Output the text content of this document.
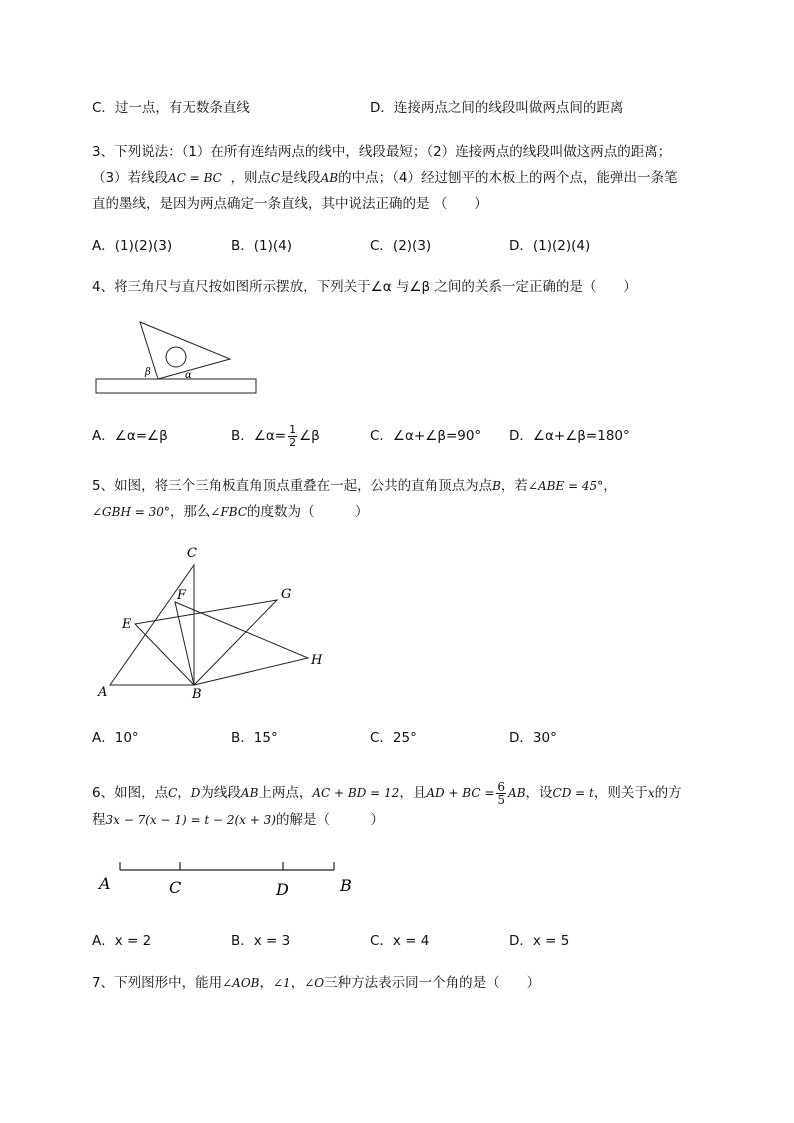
C．过一点，有无数条直线	D．连接两点之间的线段叫做两点间的距离
3、下列说法：（1）在所有连结两点的线中，线段最短；（2）连接两点的线段叫做这两点的距离；
（3）若线段AC = BC ，则点C是线段AB的中点；（4）经过刨平的木板上的两个点，能弹出一条笔
直的墨线，是因为两点确定一条直线，其中说法正确的是 （　　）
A．(1)(2)(3)	B．(1)(4)	C．(2)(3)	D．(1)(2)(4)
4、将三角尺与直尺按如图所示摆放，下列关于∠α 与∠β 之间的关系一定正确的是（　　）
β	α
A．∠α=∠β	B．∠α= $\frac{1}{2}$ ∠β	C．∠α+∠β=90° D．∠α+∠β=180°
5、如图，将三个三角板直角顶点重叠在一起，公共的直角顶点为点B，若∠ABE = 45°，
∠GBH = 30°，那么∠FBC的度数为（　　　）
A	B
C
E
F	G
H
A．10°	B．15°	C．25°	D．30°
6、如图，点C，D为线段AB上两点，AC + BD = 12，且AD + BC = $\frac{6}{5}$ AB，设CD = t，则关于x的方
程3x − 7(x − 1) = t − 2(x + 3)的解是（　　　）
A	C	D	B
A．x = 2	B．x = 3	C．x = 4	D．x = 5
7、下列图形中，能用∠AOB，∠1，∠O三种方法表示同一个角的是（　　）
